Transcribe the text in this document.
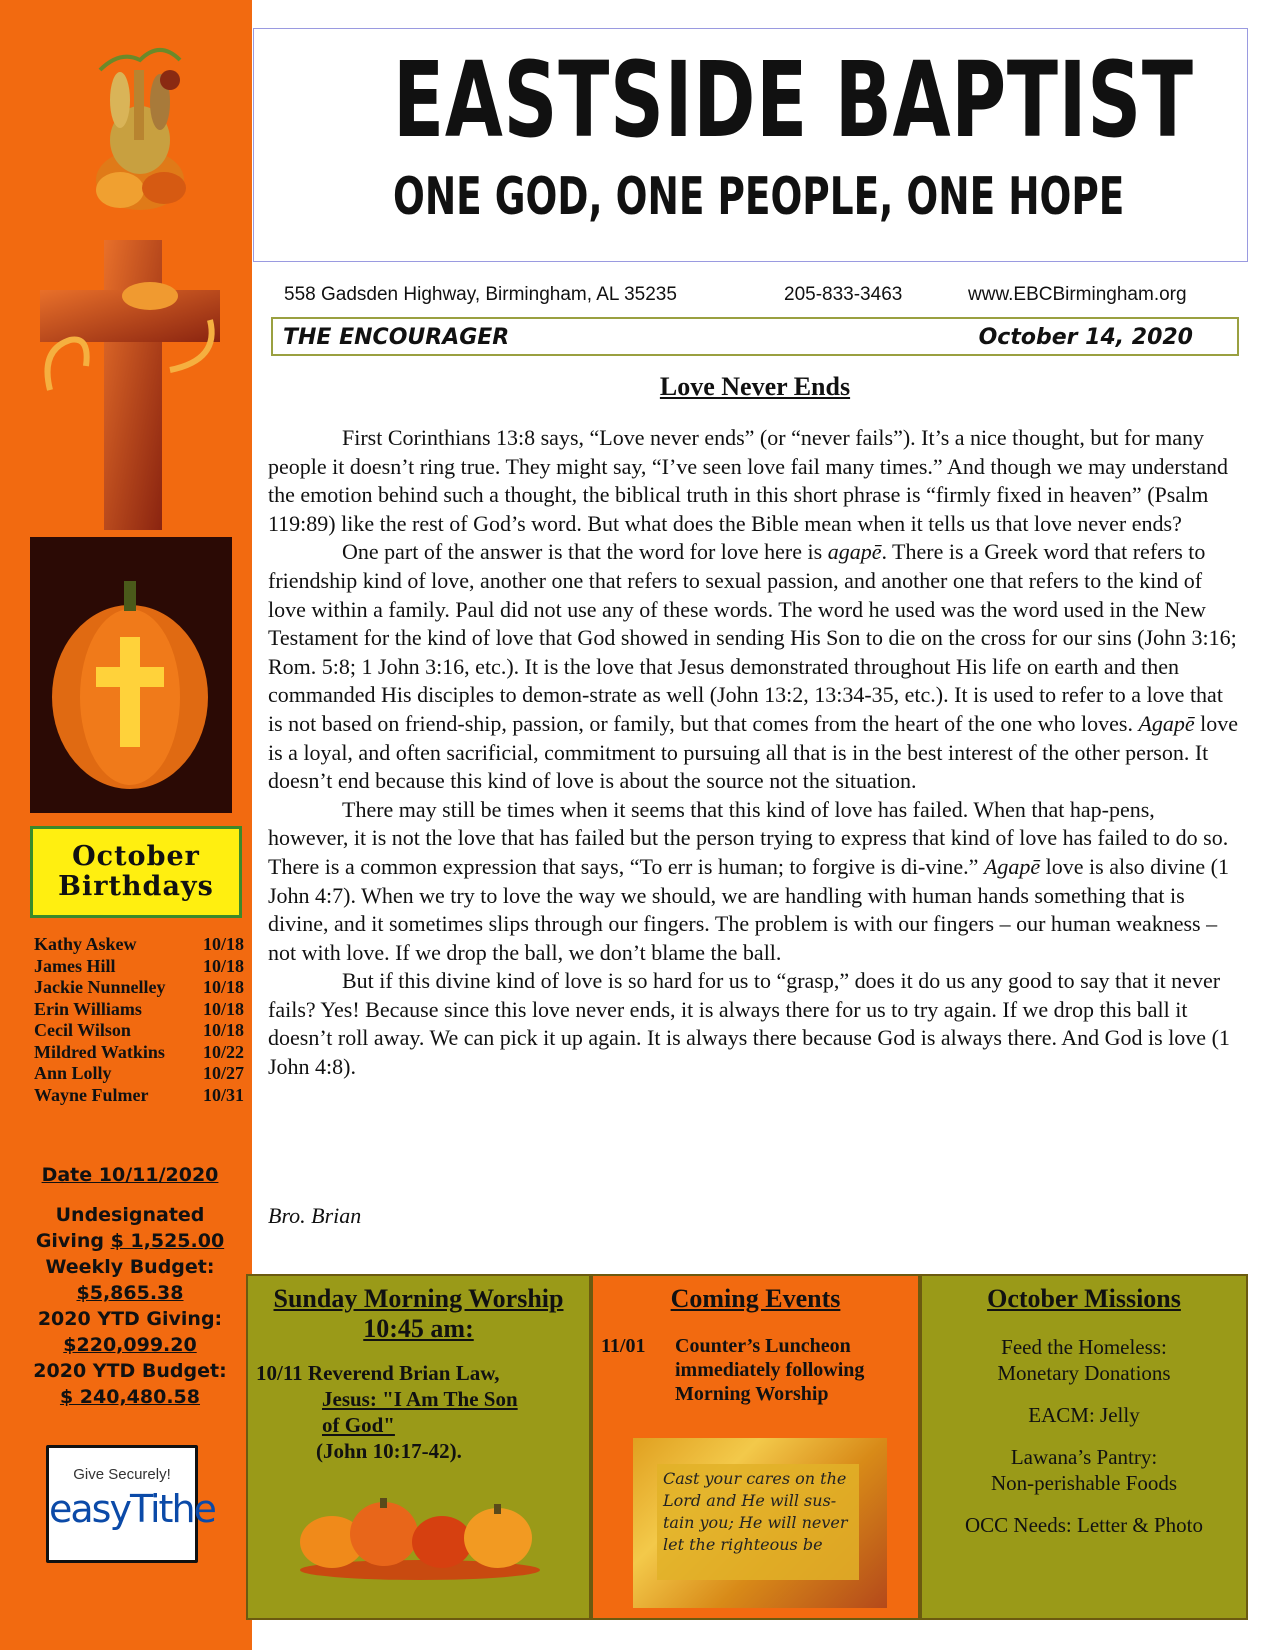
October
Birthdays
Kathy Askew	10/18
James Hill	10/18
Jackie Nunnelley 10/18
Erin Williams	10/18
Cecil Wilson	10/18
Mildred Watkins 10/22
Ann Lolly	10/27
Wayne Fulmer	10/31
Date 10/11/2020
Undesignated
Giving $ 1,525.00
Weekly Budget:
$5,865.38
2020 YTD Giving:
$220,099.20
2020 YTD Budget:
$ 240,480.58
Give Securely!
easyTithe
EASTSIDE BAPTIST
ONE GOD, ONE PEOPLE, ONE HOPE
558 Gadsden Highway, Birmingham, AL 35235	205-833-3463	www.EBCBirmingham.org
THE ENCOURAGER	October 14, 2020
Love Never Ends

First Corinthians 13:8 says, “Love never ends” (or “never fails”). It’s a nice thought, but for many people it doesn’t ring true. They might say, “I’ve seen love fail many times.” And though we may understand the emotion behind such a thought, the biblical truth in this short phrase is “firmly fixed in heaven” (Psalm 119:89) like the rest of God’s word. But what does the Bible mean when it tells us that love never ends?

One part of the answer is that the word for love here is agapē. There is a Greek word that refers to friendship kind of love, another one that refers to sexual passion, and another one that refers to the kind of love within a family. Paul did not use any of these words. The word he used was the word used in the New Testament for the kind of love that God showed in sending His Son to die on the cross for our sins (John 3:16; Rom. 5:8; 1 John 3:16, etc.). It is the love that Jesus demonstrated throughout His life on earth and then commanded His disciples to demon-strate as well (John 13:2, 13:34-35, etc.). It is used to refer to a love that is not based on friend-ship, passion, or family, but that comes from the heart of the one who loves. Agapē love is a loyal, and often sacrificial, commitment to pursuing all that is in the best interest of the other person. It doesn’t end because this kind of love is about the source not the situation.

There may still be times when it seems that this kind of love has failed. When that hap-pens, however, it is not the love that has failed but the person trying to express that kind of love has failed to do so. There is a common expression that says, “To err is human; to forgive is di-vine.” Agapē love is also divine (1 John 4:7). When we try to love the way we should, we are handling with human hands something that is divine, and it sometimes slips through our fingers. The problem is with our fingers – our human weakness – not with love. If we drop the ball, we don’t blame the ball.

But if this divine kind of love is so hard for us to “grasp,” does it do us any good to say that it never fails? Yes! Because since this love never ends, it is always there for us to try again. If we drop this ball it doesn’t roll away. We can pick it up again. It is always there because God is always there. And God is love (1 John 4:8).

Bro. Brian
Sunday Morning Worship
10:45 am:
10/11 Reverend Brian Law,
Jesus: "I Am The Son
of God"
(John 10:17-42).
Coming Events
11/01	Counter’s Luncheon
immediately following
Morning Worship
Cast your cares on the Lord and He will sus-tain you; He will never let the righteous be
October Missions
Feed the Homeless:
Monetary Donations
EACM: Jelly
Lawana’s Pantry:
Non-perishable Foods
OCC Needs: Letter & Photo
